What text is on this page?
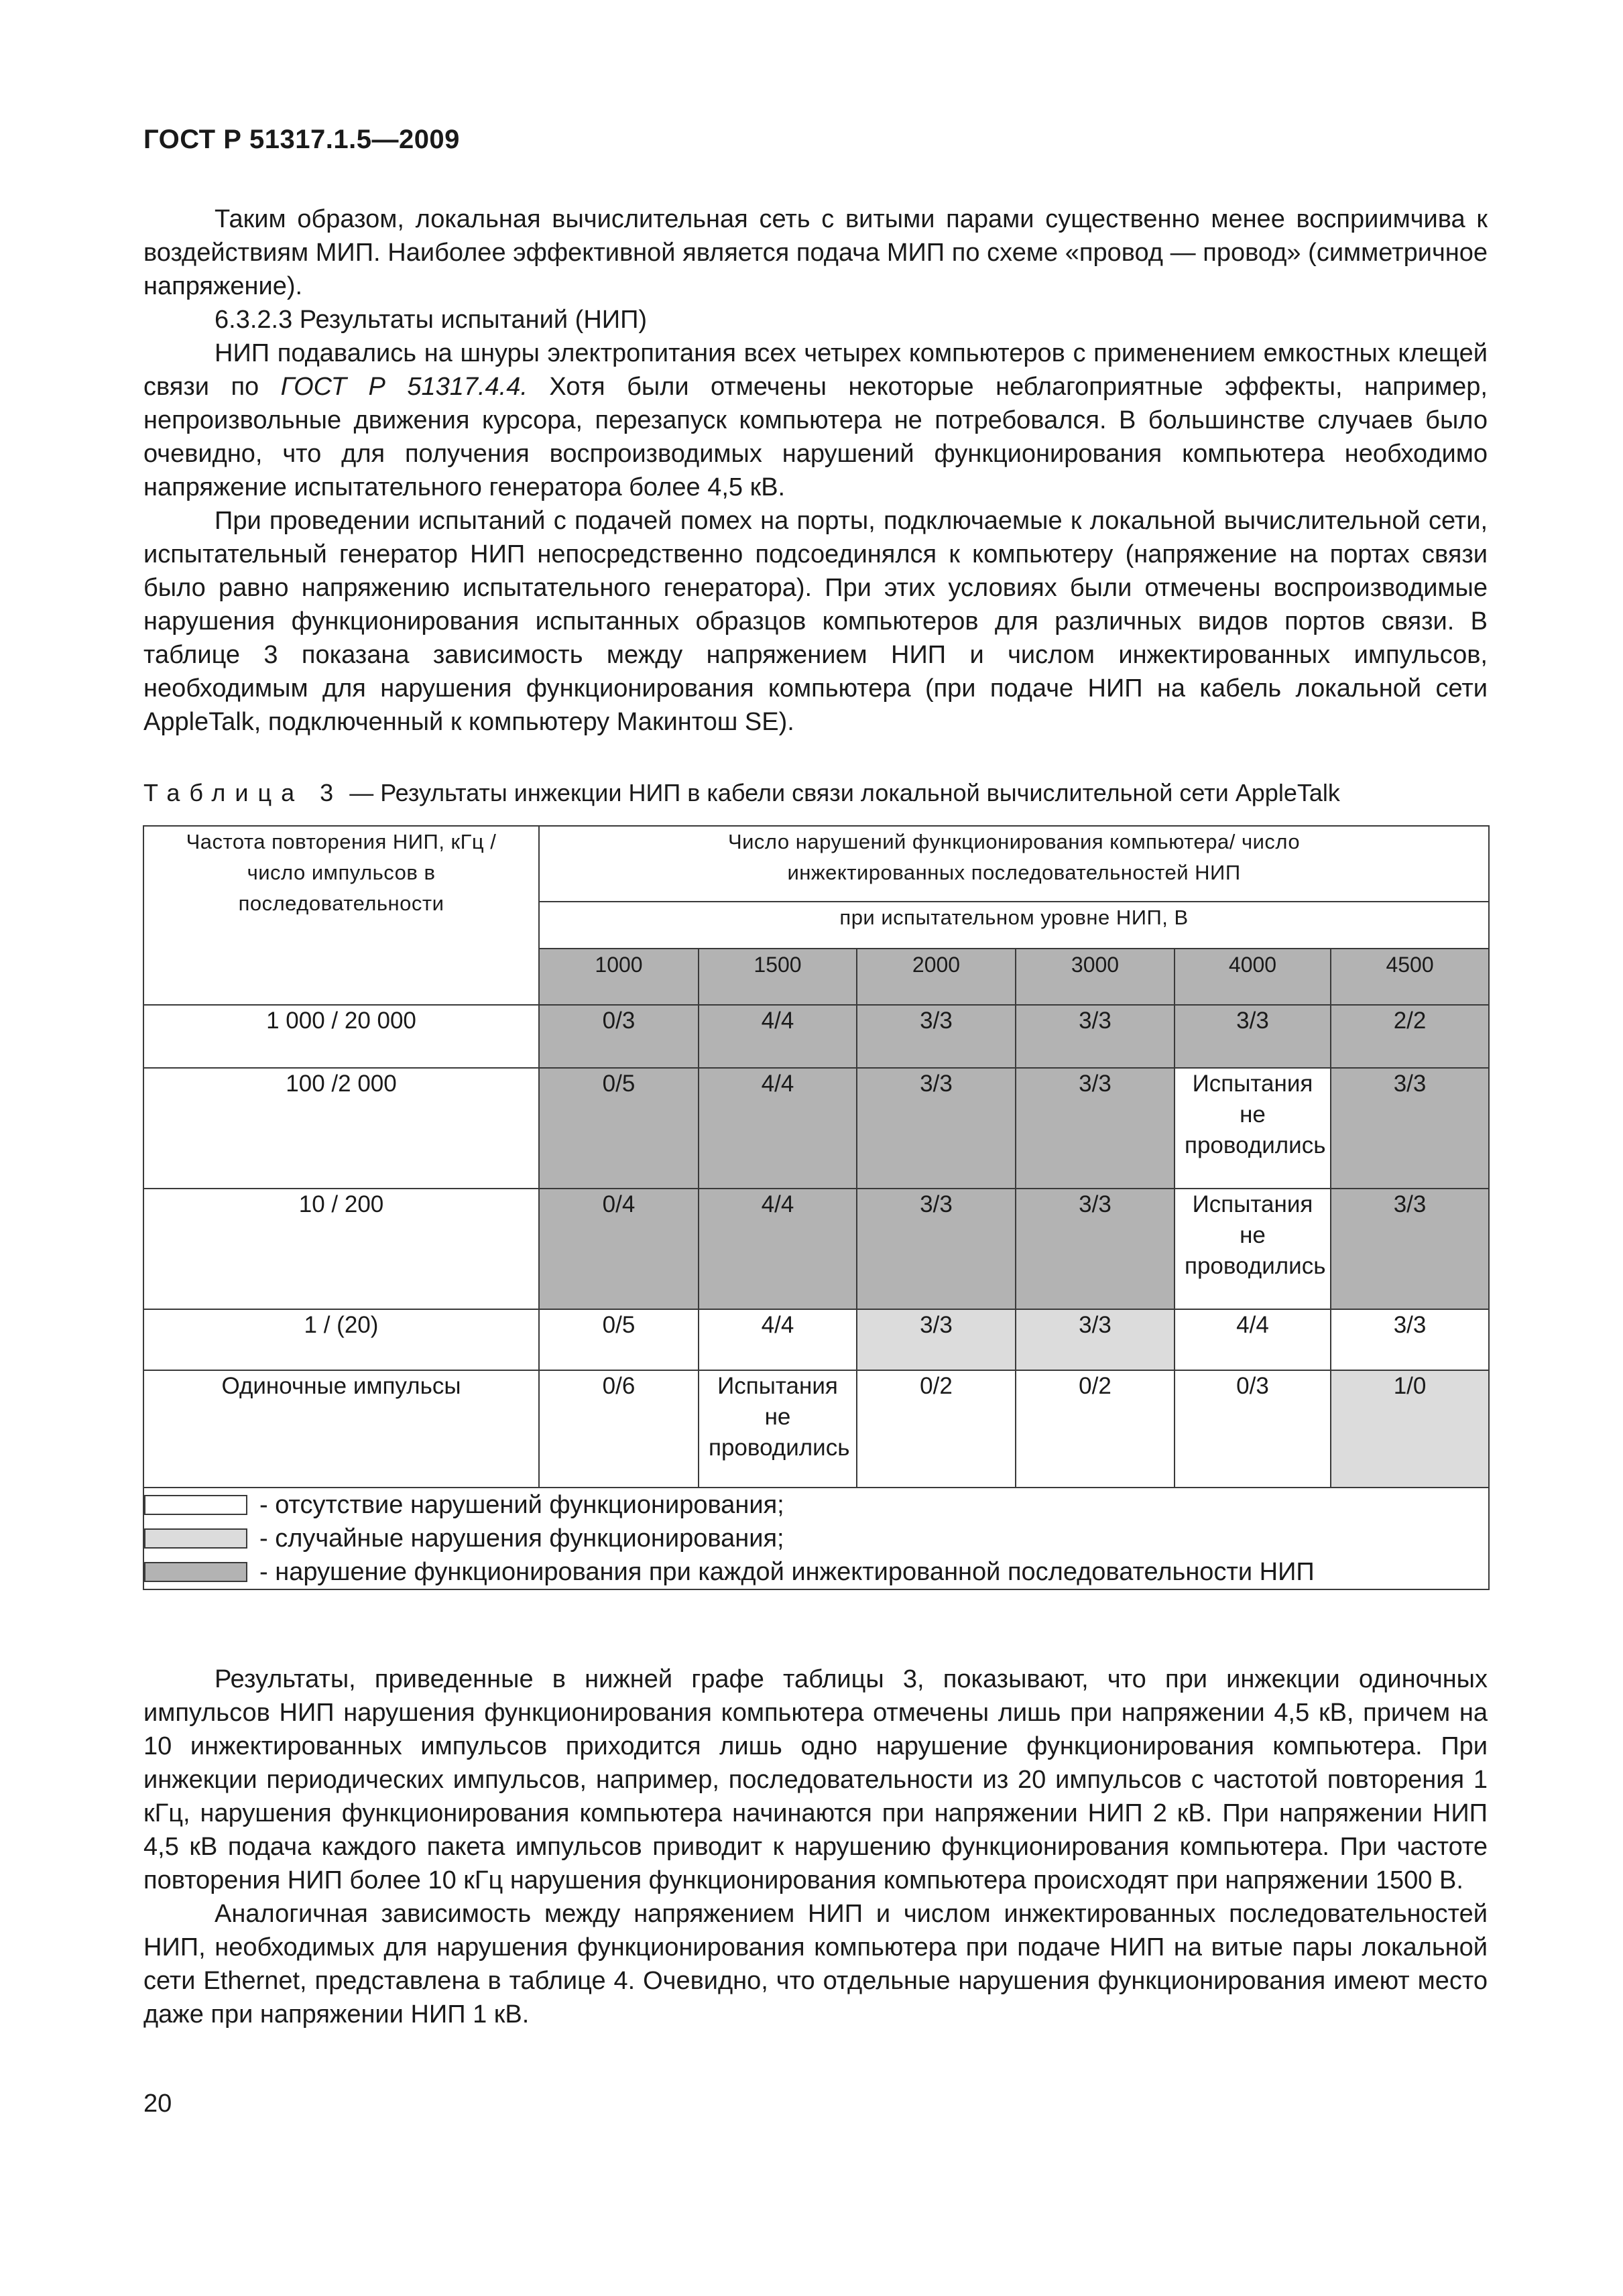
ГОСТ Р 51317.1.5—2009

Таким образом, локальная вычислительная сеть с витыми парами существенно менее восприимчива к воздействиям МИП. Наиболее эффективной является подача МИП по схеме «провод — провод» (симметричное напряжение).

6.3.2.3 Результаты испытаний (НИП)

НИП подавались на шнуры электропитания всех четырех компьютеров с применением емкостных клещей связи по ГОСТ Р 51317.4.4. Хотя были отмечены некоторые неблагоприятные эффекты, например, непроизвольные движения курсора, перезапуск компьютера не потребовался. В большинстве случаев было очевидно, что для получения воспроизводимых нарушений функционирования компьютера необходимо напряжение испытательного генератора более 4,5 кВ.

При проведении испытаний с подачей помех на порты, подключаемые к локальной вычислительной сети, испытательный генератор НИП непосредственно подсоединялся к компьютеру (напряжение на портах связи было равно напряжению испытательного генератора). При этих условиях были отмечены воспроизводимые нарушения функционирования испытанных образцов компьютеров для различных видов портов связи. В таблице 3 показана зависимость между напряжением НИП и числом инжектированных импульсов, необходимым для нарушения функционирования компьютера (при подаче НИП на кабель локальной сети AppleTalk, подключенный к компьютеру Макинтош SE).

Таблица 3 — Результаты инжекции НИП в кабели связи локальной вычислительной сети AppleTalk
Частота повторения НИП, кГц /число импульсов в последовательности	Число нарушений функционирования компьютера/ число инжектированных последовательностей НИП					
	при испытательном уровне НИП, В					
	1000	1500	2000	3000	4000	4500
1 000 / 20 000	0/3	4/4	3/3	3/3	3/3	2/2
100 /2 000	0/5	4/4	3/3	3/3	Испытания не проводились	3/3
10 / 200	0/4	4/4	3/3	3/3	Испытания не проводились	3/3
1 / (20)	0/5	4/4	3/3	3/3	4/4	3/3
Одиночные импульсы	0/6	Испытания не проводились	0/2	0/2	0/3	1/0

- отсутствие нарушений функционирования;
- случайные нарушения функционирования;
- нарушение функционирования при каждой инжектированной последовательности НИП						

Результаты, приведенные в нижней графе таблицы 3, показывают, что при инжекции одиночных импульсов НИП нарушения функционирования компьютера отмечены лишь при напряжении 4,5 кВ, причем на 10 инжектированных импульсов приходится лишь одно нарушение функционирования компьютера. При инжекции периодических импульсов, например, последовательности из 20 импульсов с частотой повторения 1 кГц, нарушения функционирования компьютера начинаются при напряжении НИП 2 кВ. При напряжении НИП 4,5 кВ подача каждого пакета импульсов приводит к нарушению функционирования компьютера. При частоте повторения НИП более 10 кГц нарушения функционирования компьютера происходят при напряжении 1500 В.

Аналогичная зависимость между напряжением НИП и числом инжектированных последовательностей НИП, необходимых для нарушения функционирования компьютера при подаче НИП на витые пары локальной сети Ethernet, представлена в таблице 4. Очевидно, что отдельные нарушения функционирования имеют место даже при напряжении НИП 1 кВ.

20
